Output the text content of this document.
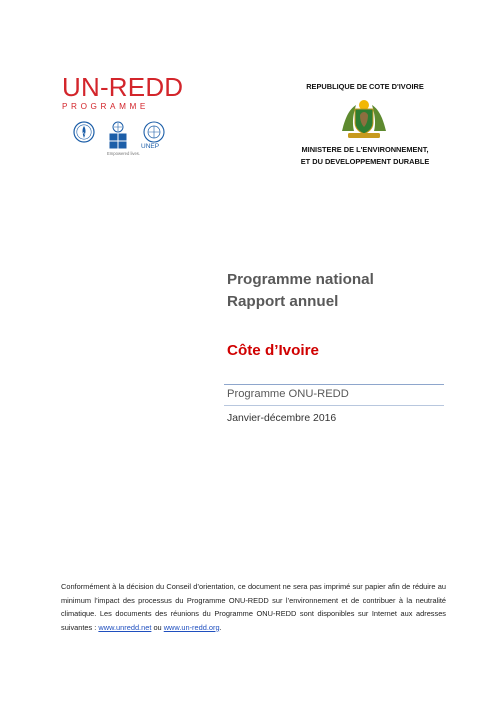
UN-REDD
PROGRAMME
FAO
Empowered lives.
UNEP
REPUBLIQUE DE COTE D'IVOIRE
MINISTERE DE L'ENVIRONNEMENT,
ET DU DEVELOPPEMENT DURABLE
Programme national
Rapport annuel
Côte d’Ivoire
Programme ONU-REDD
Janvier-décembre 2016
Conformément à la décision du Conseil d’orientation, ce document ne sera pas imprimé sur papier afin de réduire au minimum l’impact des processus du Programme ONU-REDD sur l’environnement et de contribuer à la neutralité climatique. Les documents des réunions du Programme ONU-REDD sont disponibles sur Internet aux adresses suivantes : www.unredd.net ou www.un-redd.org.
